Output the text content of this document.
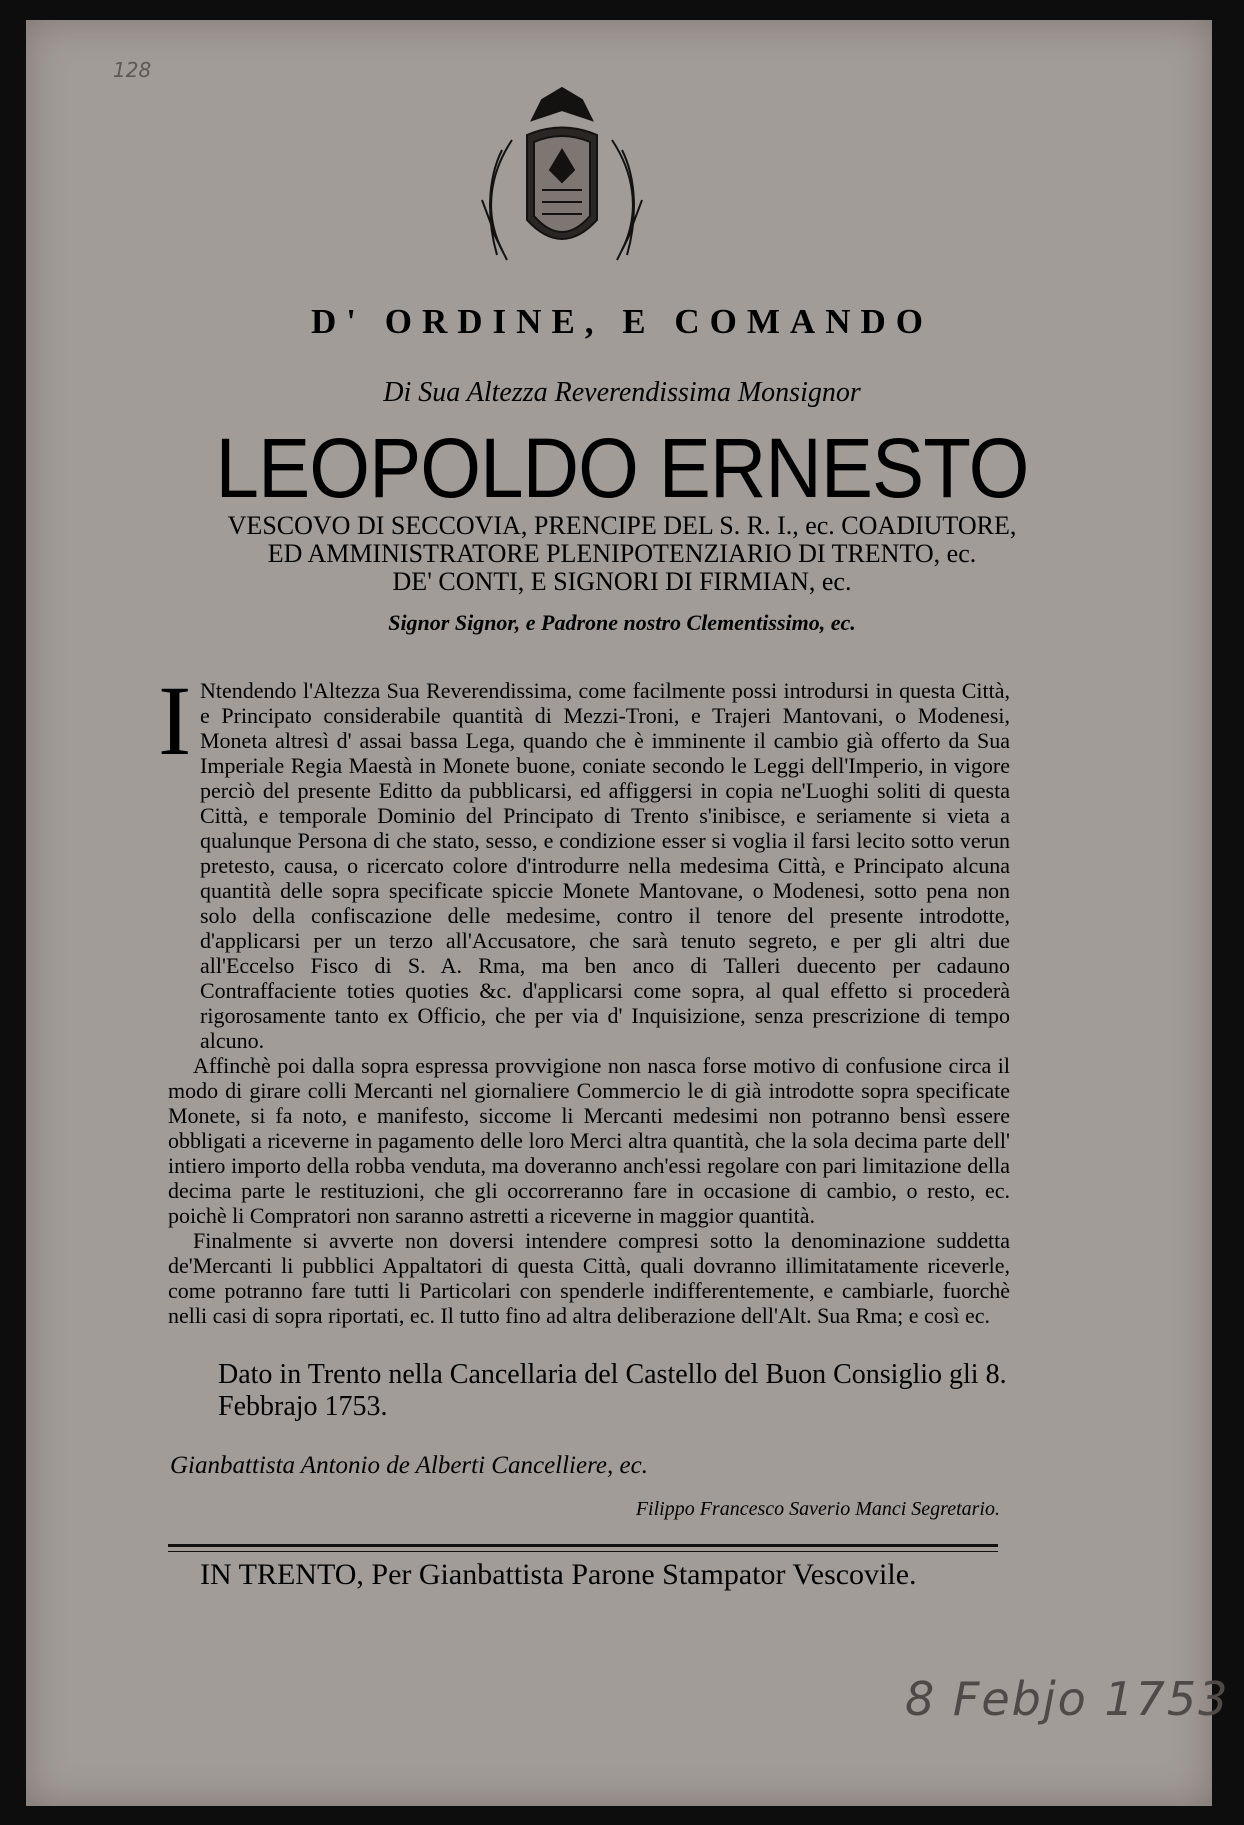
128
D' ORDINE, E COMANDO
Di Sua Altezza Reverendissima Monsignor
LEOPOLDO ERNESTO
VESCOVO DI SECCOVIA, PRENCIPE DEL S. R. I., ec. COADIUTORE,
ED AMMINISTRATORE PLENIPOTENZIARIO DI TRENTO, ec.
DE' CONTI, E SIGNORI DI FIRMIAN, ec.
Signor Signor, e Padrone nostro Clementissimo, ec.

I Ntendendo l'Altezza Sua Reverendissima, come facilmente possi introdursi in questa Città, e Principato considerabile quantità di Mezzi-Troni, e Trajeri Mantovani, o Modenesi, Moneta altresì d' assai bassa Lega, quando che è imminente il cambio già offerto da Sua Imperiale Regia Maestà in Monete buone, coniate secondo le Leggi dell'Imperio, in vigore perciò del presente Editto da pubblicarsi, ed affiggersi in copia ne'Luoghi soliti di questa Città, e temporale Dominio del Principato di Trento s'inibisce, e seriamente si vieta a qualunque Persona di che stato, sesso, e condizione esser si voglia il farsi lecito sotto verun pretesto, causa, o ricercato colore d'introdurre nella medesima Città, e Principato alcuna quantità delle sopra specificate spiccie Monete Mantovane, o Modenesi, sotto pena non solo della confiscazione delle medesime, contro il tenore del presente introdotte, d'applicarsi per un terzo all'Accusatore, che sarà tenuto segreto, e per gli altri due all'Eccelso Fisco di S. A. Rma, ma ben anco di Talleri duecento per cadauno Contraffaciente toties quoties &c. d'applicarsi come sopra, al qual effetto si procederà rigorosamente tanto ex Officio, che per via d' Inquisizione, senza prescrizione di tempo alcuno.

Affinchè poi dalla sopra espressa provvigione non nasca forse motivo di confusione circa il modo di girare colli Mercanti nel giornaliere Commercio le di già introdotte sopra specificate Monete, si fa noto, e manifesto, siccome li Mercanti medesimi non potranno bensì essere obbligati a riceverne in pagamento delle loro Merci altra quantità, che la sola decima parte dell' intiero importo della robba venduta, ma doveranno anch'essi regolare con pari limitazione della decima parte le restituzioni, che gli occorreranno fare in occasione di cambio, o resto, ec. poichè li Compratori non saranno astretti a riceverne in maggior quantità.

Finalmente si avverte non doversi intendere compresi sotto la denominazione suddetta de'Mercanti li pubblici Appaltatori di questa Città, quali dovranno illimitatamente riceverle, come potranno fare tutti li Particolari con spenderle indifferentemente, e cambiarle, fuorchè nelli casi di sopra riportati, ec. Il tutto fino ad altra deliberazione dell'Alt. Sua Rma; e così ec.

Dato in Trento nella Cancellaria del Castello del Buon Consiglio gli 8. Febbrajo 1753.
Gianbattista Antonio de Alberti Cancelliere, ec.
Filippo Francesco Saverio Manci Segretario.
IN TRENTO, Per Gianbattista Parone Stampator Vescovile.
8 Febjo 1753
